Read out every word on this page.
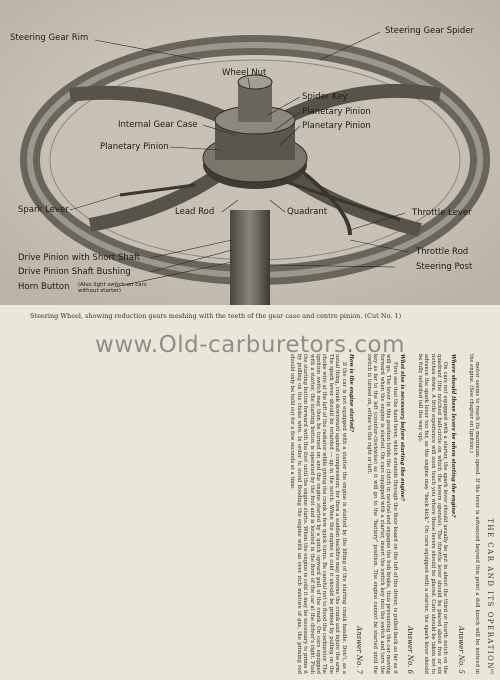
Steering Gear Rim
Steering Gear Spider
Wheel Nut
Spider Key
Planetary Pinion
Internal Gear Case	Planetary Pinion
Planetary Pinion
Spark Lever	Lead Rod	Quadrant	Throttle Lever
Throttle Rod
Steering Post
Drive Pinion with Short Shaft
Drive Pinion Shaft Bushing
Horn Button (Also light switch on cars without starter)
Steering Wheel, showing reduction gears meshing with the teeth of the gear case and centre pinion. (Cut No. 1)
www.Old-carburetors.com
THE CAR AND ITS OPERATION

motor seems to reach its maximum speed. If the lever is advanced beyond this point a dull knock will be noticed in the engine. (See chapter on Ignition.)

Answer No. 5

Where should these levers be when starting the engine?

On cars not equipped with a starter, the spark lever should usually be put in about the third or fourth notch on the quadrant (the notched half-circle on which the levers operate). The throttle lever should be placed about five or six notches down. A little experience will soon teach you where these levers should be placed. Care should be taken not to advance the spark lever too far, as the engine may "back kick." On cars equipped with a starter, the spark lever should be fully retarded (all the way up).

Answer No. 6

What else is necessary before starting the engine?

First see that the hand lever, which extends through the floor board on the left of the driver, is pulled back as far as it will go. The lever in this position holds the clutch in neutral and engages the hub brake, thus preventing the car moving forward when the engine is started. On cars equipped with a starter, insert the switch key into the switch and turn the key as far to the left (counter-clockwise) as it will go to the "battery" position. The engine cannot be started until the switch is turned on, either to the right or left.

Answer No. 7

How is the engine started?

If the car is not equipped with a starter the engine is started by the lifting of the starting crank handle. Don't, as a usual thing, crank downward against compression; for then a sudden backfire may reverse the crank and injure the arm. The spark lever should be retarded — up in the notch. When the engine is cold it should be primed by pulling on the choke wire at the left of the radiator while giving the crank a few quick turns. Be careful not to flood the carburetor. The ignition switch may then be turned on and the engine started by a quick upward pull of the crank. On cars equipped with a starter, the starting button is operated by the foot and is located in the floor of the car at the driver's right. Push the starting button forward with the foot until the engine starts. When the engine is cold it may be necessary to prime it by pulling on the choke wire. In order to avoid flooding the engine with an over rich mixture of gas, the priming rod should only be held out for a few seconds at a time.

5
